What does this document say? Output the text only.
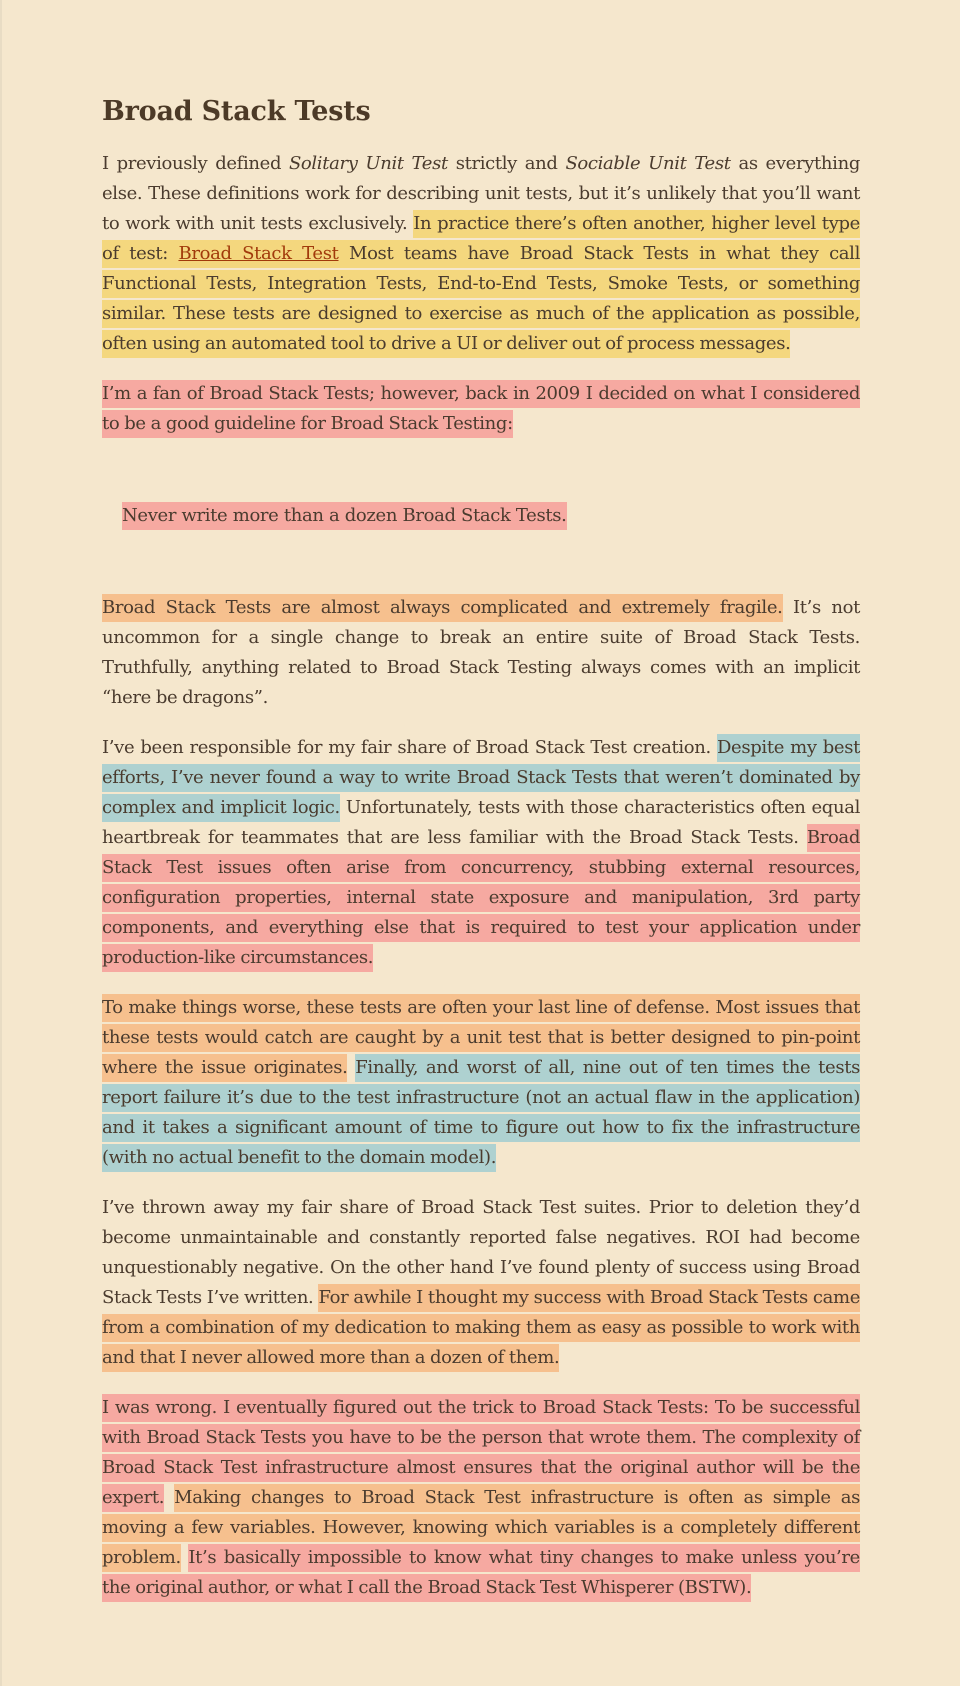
Broad Stack Tests

I previously defined Solitary Unit Test strictly and Sociable Unit Test as everything else. These definitions work for describing unit tests, but it’s unlikely that you’ll want to work with unit tests exclusively. In practice there’s often another, higher level type of test: Broad Stack Test Most teams have Broad Stack Tests in what they call Functional Tests, Integration Tests, End-to-End Tests, Smoke Tests, or something similar. These tests are designed to exercise as much of the application as possible, often using an automated tool to drive a UI or deliver out of process messages.

I’m a fan of Broad Stack Tests; however, back in 2009 I decided on what I considered to be a good guideline for Broad Stack Testing:

Never write more than a dozen Broad Stack Tests.

Broad Stack Tests are almost always complicated and extremely fragile. It’s not uncommon for a single change to break an entire suite of Broad Stack Tests. Truthfully, anything related to Broad Stack Testing always comes with an implicit “here be dragons”.

I’ve been responsible for my fair share of Broad Stack Test creation. Despite my best efforts, I’ve never found a way to write Broad Stack Tests that weren’t dominated by complex and implicit logic. Unfortunately, tests with those characteristics often equal heartbreak for teammates that are less familiar with the Broad Stack Tests. Broad Stack Test issues often arise from concurrency, stubbing external resources, configuration properties, internal state exposure and manipulation, 3rd party components, and everything else that is required to test your application under production-like circumstances.

To make things worse, these tests are often your last line of defense. Most issues that these tests would catch are caught by a unit test that is better designed to pin-point where the issue originates. Finally, and worst of all, nine out of ten times the tests report failure it’s due to the test infrastructure (not an actual flaw in the application) and it takes a significant amount of time to figure out how to fix the infrastructure (with no actual benefit to the domain model).

I’ve thrown away my fair share of Broad Stack Test suites. Prior to deletion they’d become unmaintainable and constantly reported false negatives. ROI had become unquestionably negative. On the other hand I’ve found plenty of success using Broad Stack Tests I’ve written. For awhile I thought my success with Broad Stack Tests came from a combination of my dedication to making them as easy as possible to work with and that I never allowed more than a dozen of them.

I was wrong. I eventually figured out the trick to Broad Stack Tests: To be successful with Broad Stack Tests you have to be the person that wrote them. The complexity of Broad Stack Test infrastructure almost ensures that the original author will be the expert. Making changes to Broad Stack Test infrastructure is often as simple as moving a few variables. However, knowing which variables is a completely different problem. It’s basically impossible to know what tiny changes to make unless you’re the original author, or what I call the Broad Stack Test Whisperer (BSTW).
